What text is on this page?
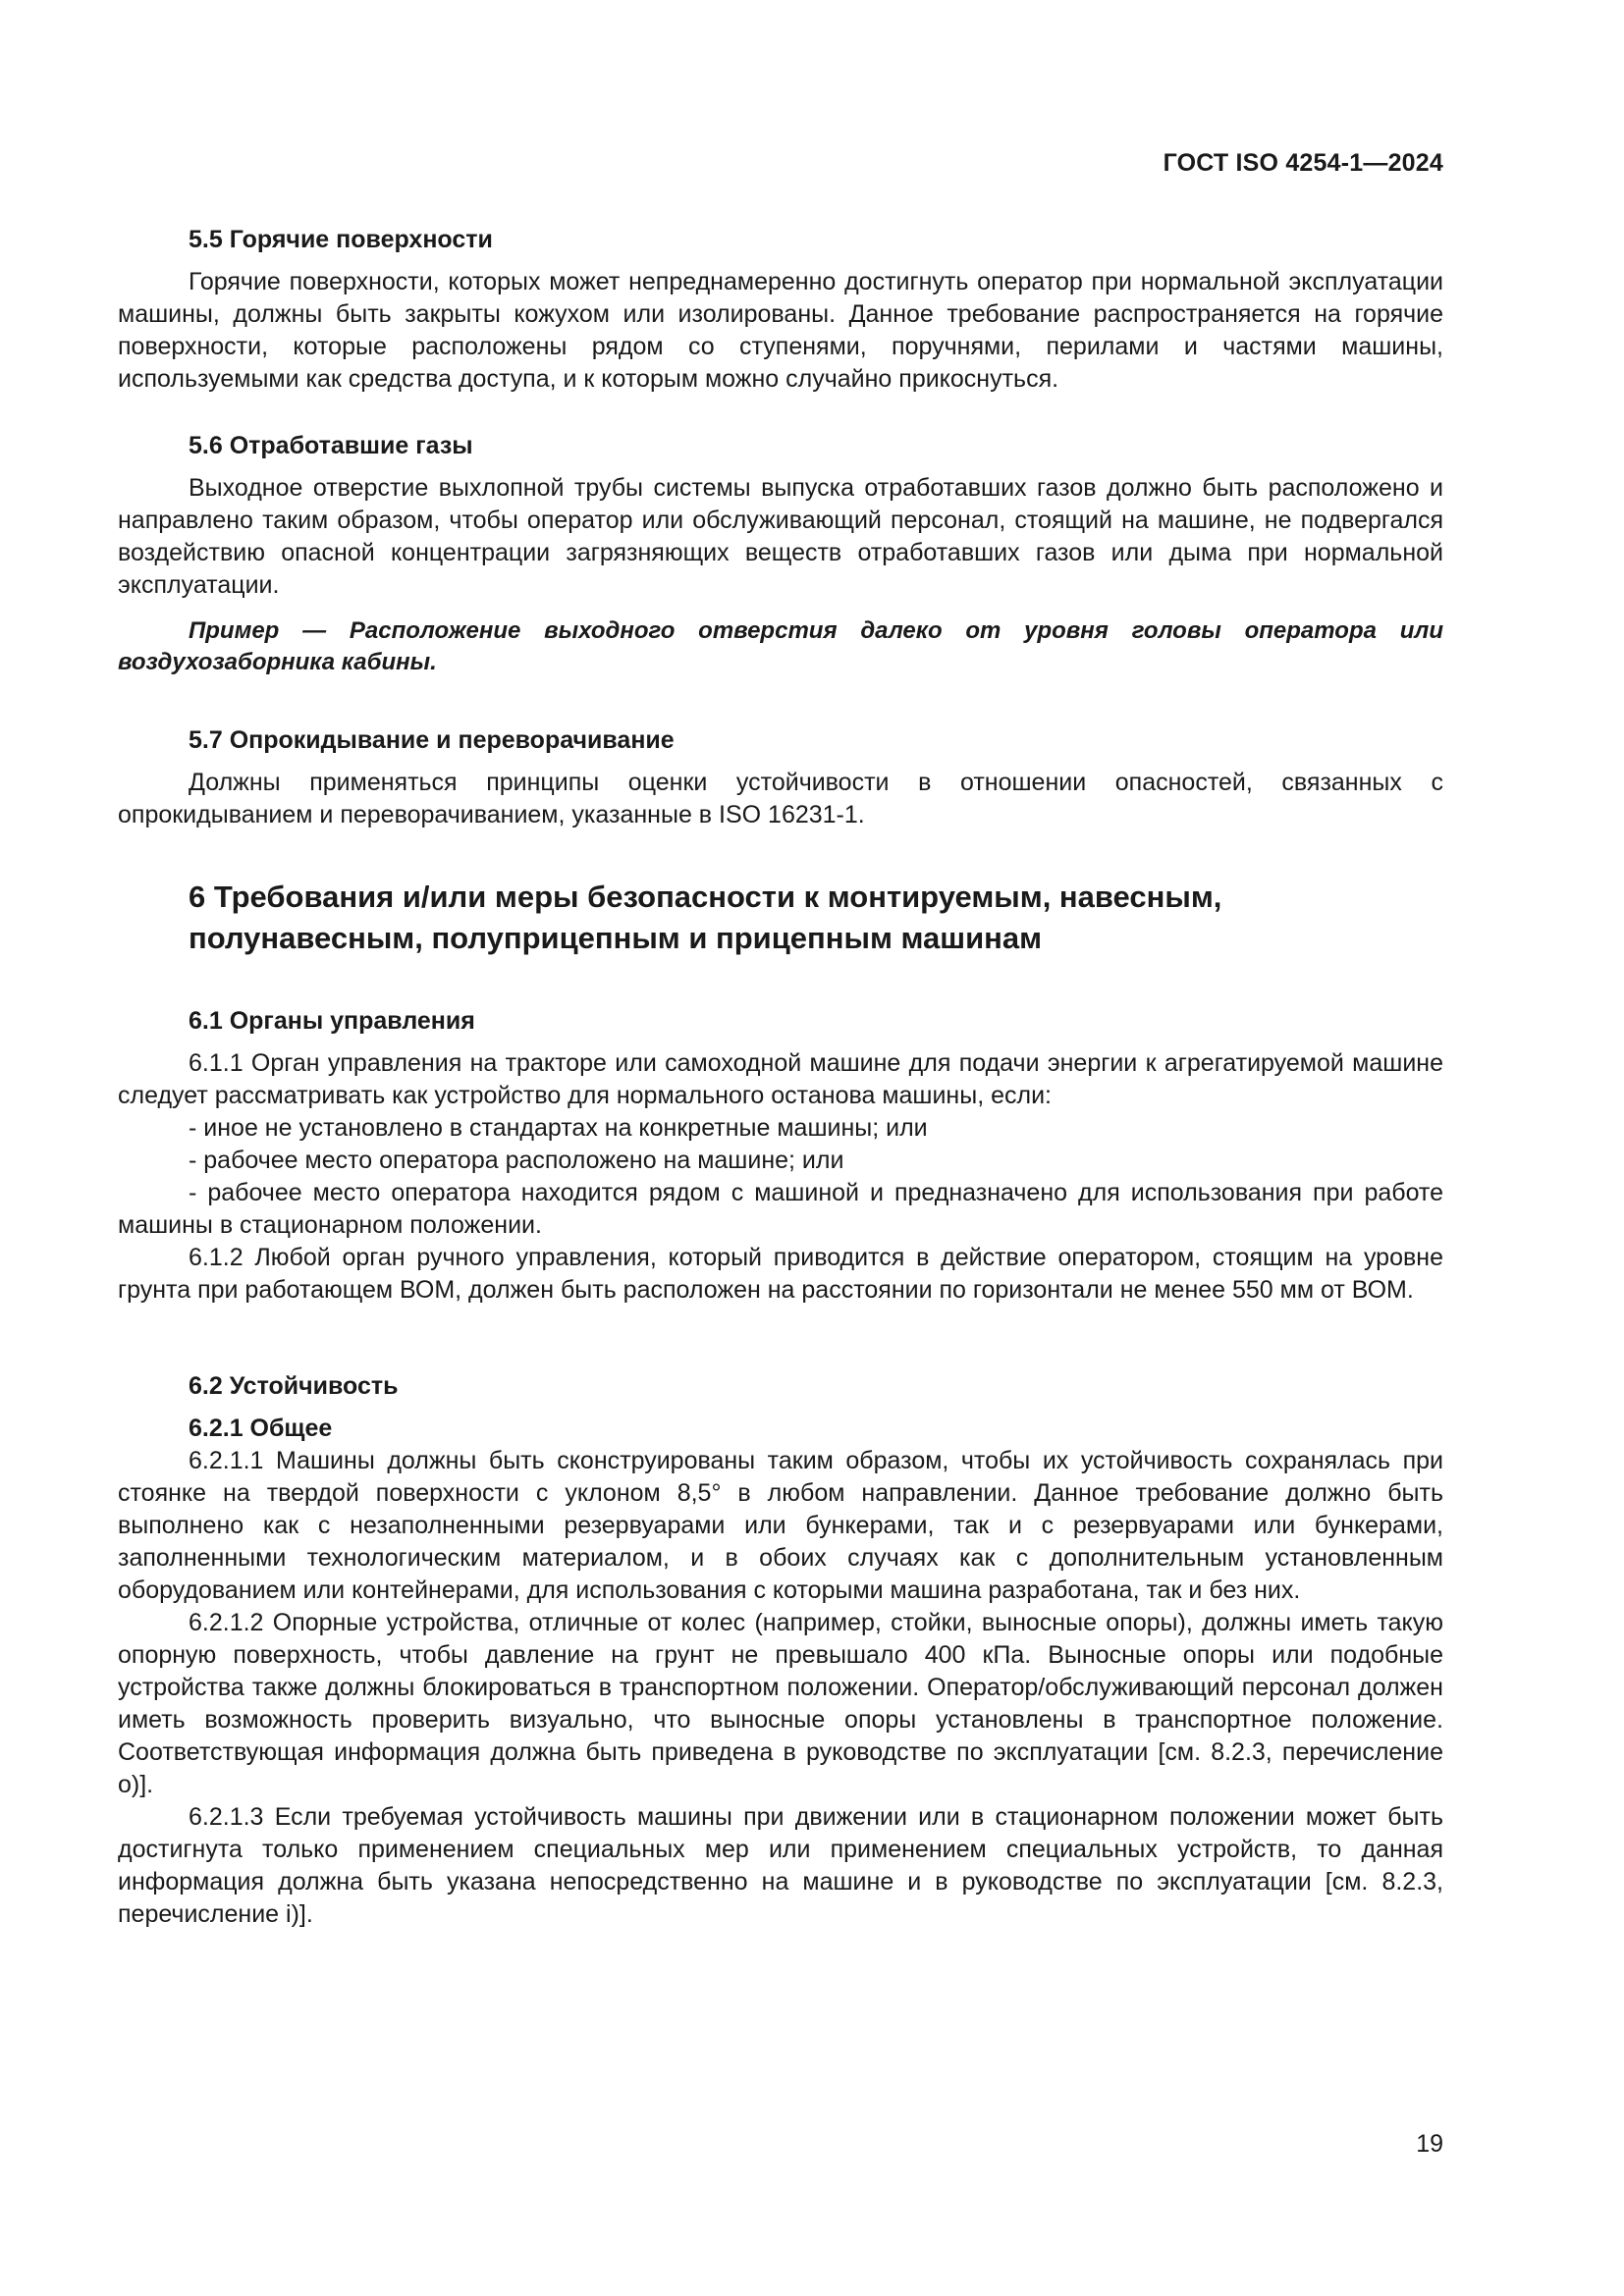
ГОСТ ISO 4254-1—2024

5.5 Горячие поверхности

Горячие поверхности, которых может непреднамеренно достигнуть оператор при нормальной эксплуатации машины, должны быть закрыты кожухом или изолированы. Данное требование распространяется на горячие поверхности, которые расположены рядом со ступенями, поручнями, перилами и частями машины, используемыми как средства доступа, и к которым можно случайно прикоснуться.

5.6 Отработавшие газы

Выходное отверстие выхлопной трубы системы выпуска отработавших газов должно быть расположено и направлено таким образом, чтобы оператор или обслуживающий персонал, стоящий на машине, не подвергался воздействию опасной концентрации загрязняющих веществ отработавших газов или дыма при нормальной эксплуатации.

Пример — Расположение выходного отверстия далеко от уровня головы оператора или воздухозаборника кабины.

5.7 Опрокидывание и переворачивание

Должны применяться принципы оценки устойчивости в отношении опасностей, связанных с опрокидыванием и переворачиванием, указанные в ISO 16231-1.

6 Требования и/или меры безопасности к монтируемым, навесным,

полунавесным, полуприцепным и прицепным машинам

6.1 Органы управления

6.1.1 Орган управления на тракторе или самоходной машине для подачи энергии к агрегатируемой машине следует рассматривать как устройство для нормального останова машины, если:

- иное не установлено в стандартах на конкретные машины; или

- рабочее место оператора расположено на машине; или

- рабочее место оператора находится рядом с машиной и предназначено для использования при работе машины в стационарном положении.

6.1.2 Любой орган ручного управления, который приводится в действие оператором, стоящим на уровне грунта при работающем ВОМ, должен быть расположен на расстоянии по горизонтали не менее 550 мм от ВОМ.

6.2 Устойчивость

6.2.1 Общее

6.2.1.1 Машины должны быть сконструированы таким образом, чтобы их устойчивость сохранялась при стоянке на твердой поверхности с уклоном 8,5° в любом направлении. Данное требование должно быть выполнено как с незаполненными резервуарами или бункерами, так и с резервуарами или бункерами, заполненными технологическим материалом, и в обоих случаях как с дополнительным установленным оборудованием или контейнерами, для использования с которыми машина разработана, так и без них.

6.2.1.2 Опорные устройства, отличные от колес (например, стойки, выносные опоры), должны иметь такую опорную поверхность, чтобы давление на грунт не превышало 400 кПа. Выносные опоры или подобные устройства также должны блокироваться в транспортном положении. Оператор/обслуживающий персонал должен иметь возможность проверить визуально, что выносные опоры установлены в транспортное положение. Соответствующая информация должна быть приведена в руководстве по эксплуатации [см. 8.2.3, перечисление о)].

6.2.1.3 Если требуемая устойчивость машины при движении или в стационарном положении может быть достигнута только применением специальных мер или применением специальных устройств, то данная информация должна быть указана непосредственно на машине и в руководстве по эксплуатации [см. 8.2.3, перечисление i)].

19
